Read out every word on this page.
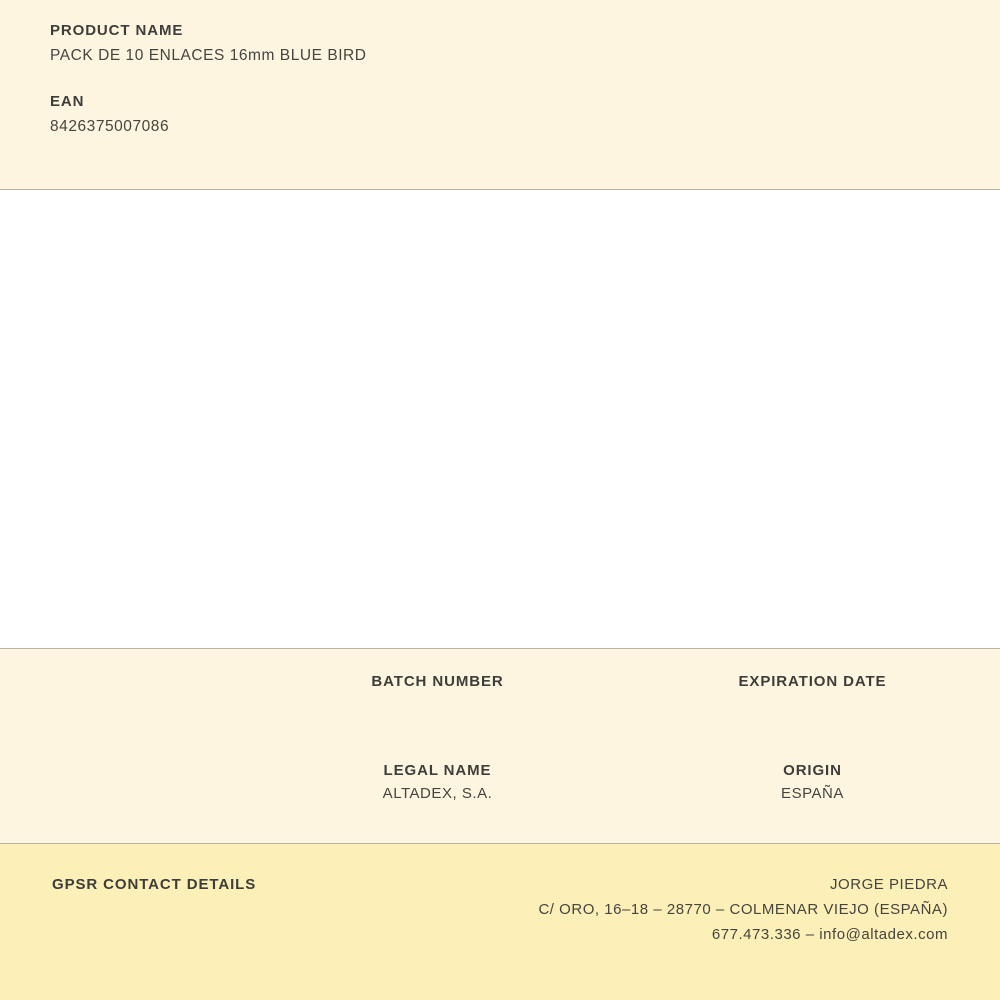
PRODUCT NAME

PACK DE 10 ENLACES 16mm BLUE BIRD

EAN

8426375007086

BATCH NUMBER	EXPIRATION DATE

LEGAL NAME

ALTADEX, S.A.

ORIGIN

ESPAÑA

GPSR CONTACT DETAILS	JORGE PIEDRA

C/ ORO, 16–18 – 28770 – COLMENAR VIEJO (ESPAÑA)

677.473.336 – info@altadex.com
